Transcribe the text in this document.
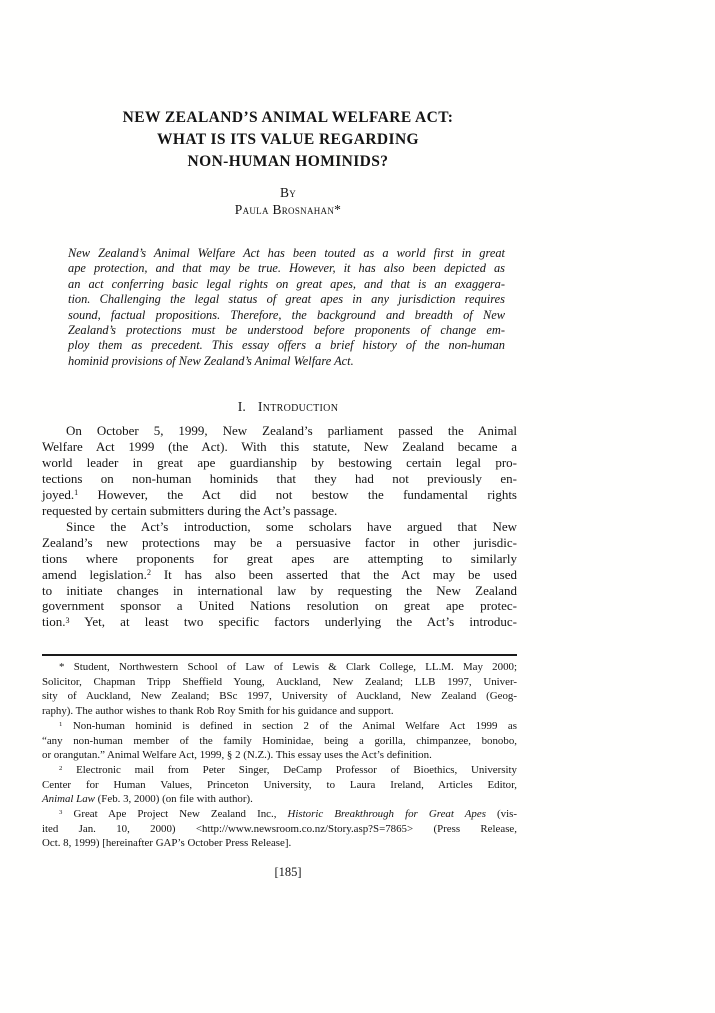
NEW ZEALAND’S ANIMAL WELFARE ACT:
WHAT IS ITS VALUE REGARDING
NON-HUMAN HOMINIDS?
By
Paula Brosnahan*
New Zealand’s Animal Welfare Act has been touted as a world first in great
ape protection, and that may be true. However, it has also been depicted as
an act conferring basic legal rights on great apes, and that is an exaggera-
tion. Challenging the legal status of great apes in any jurisdiction requires
sound, factual propositions. Therefore, the background and breadth of New
Zealand’s protections must be understood before proponents of change em-
ploy them as precedent. This essay offers a brief history of the non-human
hominid provisions of New Zealand’s Animal Welfare Act.
I. Introduction
On October 5, 1999, New Zealand’s parliament passed the Animal
Welfare Act 1999 (the Act). With this statute, New Zealand became a
world leader in great ape guardianship by bestowing certain legal pro-
tections on non-human hominids that they had not previously en-
joyed.$^1$ However, the Act did not bestow the fundamental rights
requested by certain submitters during the Act’s passage.
Since the Act’s introduction, some scholars have argued that New
Zealand’s new protections may be a persuasive factor in other jurisdic-
tions where proponents for great apes are attempting to similarly
amend legislation.$^2$ It has also been asserted that the Act may be used
to initiate changes in international law by requesting the New Zealand
government sponsor a United Nations resolution on great ape protec-
tion.$^3$ Yet, at least two specific factors underlying the Act’s introduc-
* Student, Northwestern School of Law of Lewis & Clark College, LL.M. May 2000;
Solicitor, Chapman Tripp Sheffield Young, Auckland, New Zealand; LLB 1997, Univer-
sity of Auckland, New Zealand; BSc 1997, University of Auckland, New Zealand (Geog-
raphy). The author wishes to thank Rob Roy Smith for his guidance and support.
$^1$ Non-human hominid is defined in section 2 of the Animal Welfare Act 1999 as
“any non-human member of the family Hominidae, being a gorilla, chimpanzee, bonobo,
or orangutan.” Animal Welfare Act, 1999, § 2 (N.Z.). This essay uses the Act’s definition.
$^2$ Electronic mail from Peter Singer, DeCamp Professor of Bioethics, University
Center for Human Values, Princeton University, to Laura Ireland, Articles Editor,
Animal Law (Feb. 3, 2000) (on file with author).
$^3$ Great Ape Project New Zealand Inc., Historic Breakthrough for Great Apes (vis-
ited Jan. 10, 2000) <http://www.newsroom.co.nz/Story.asp?S=7865> (Press Release,
Oct. 8, 1999) [hereinafter GAP’s October Press Release].
[185]
